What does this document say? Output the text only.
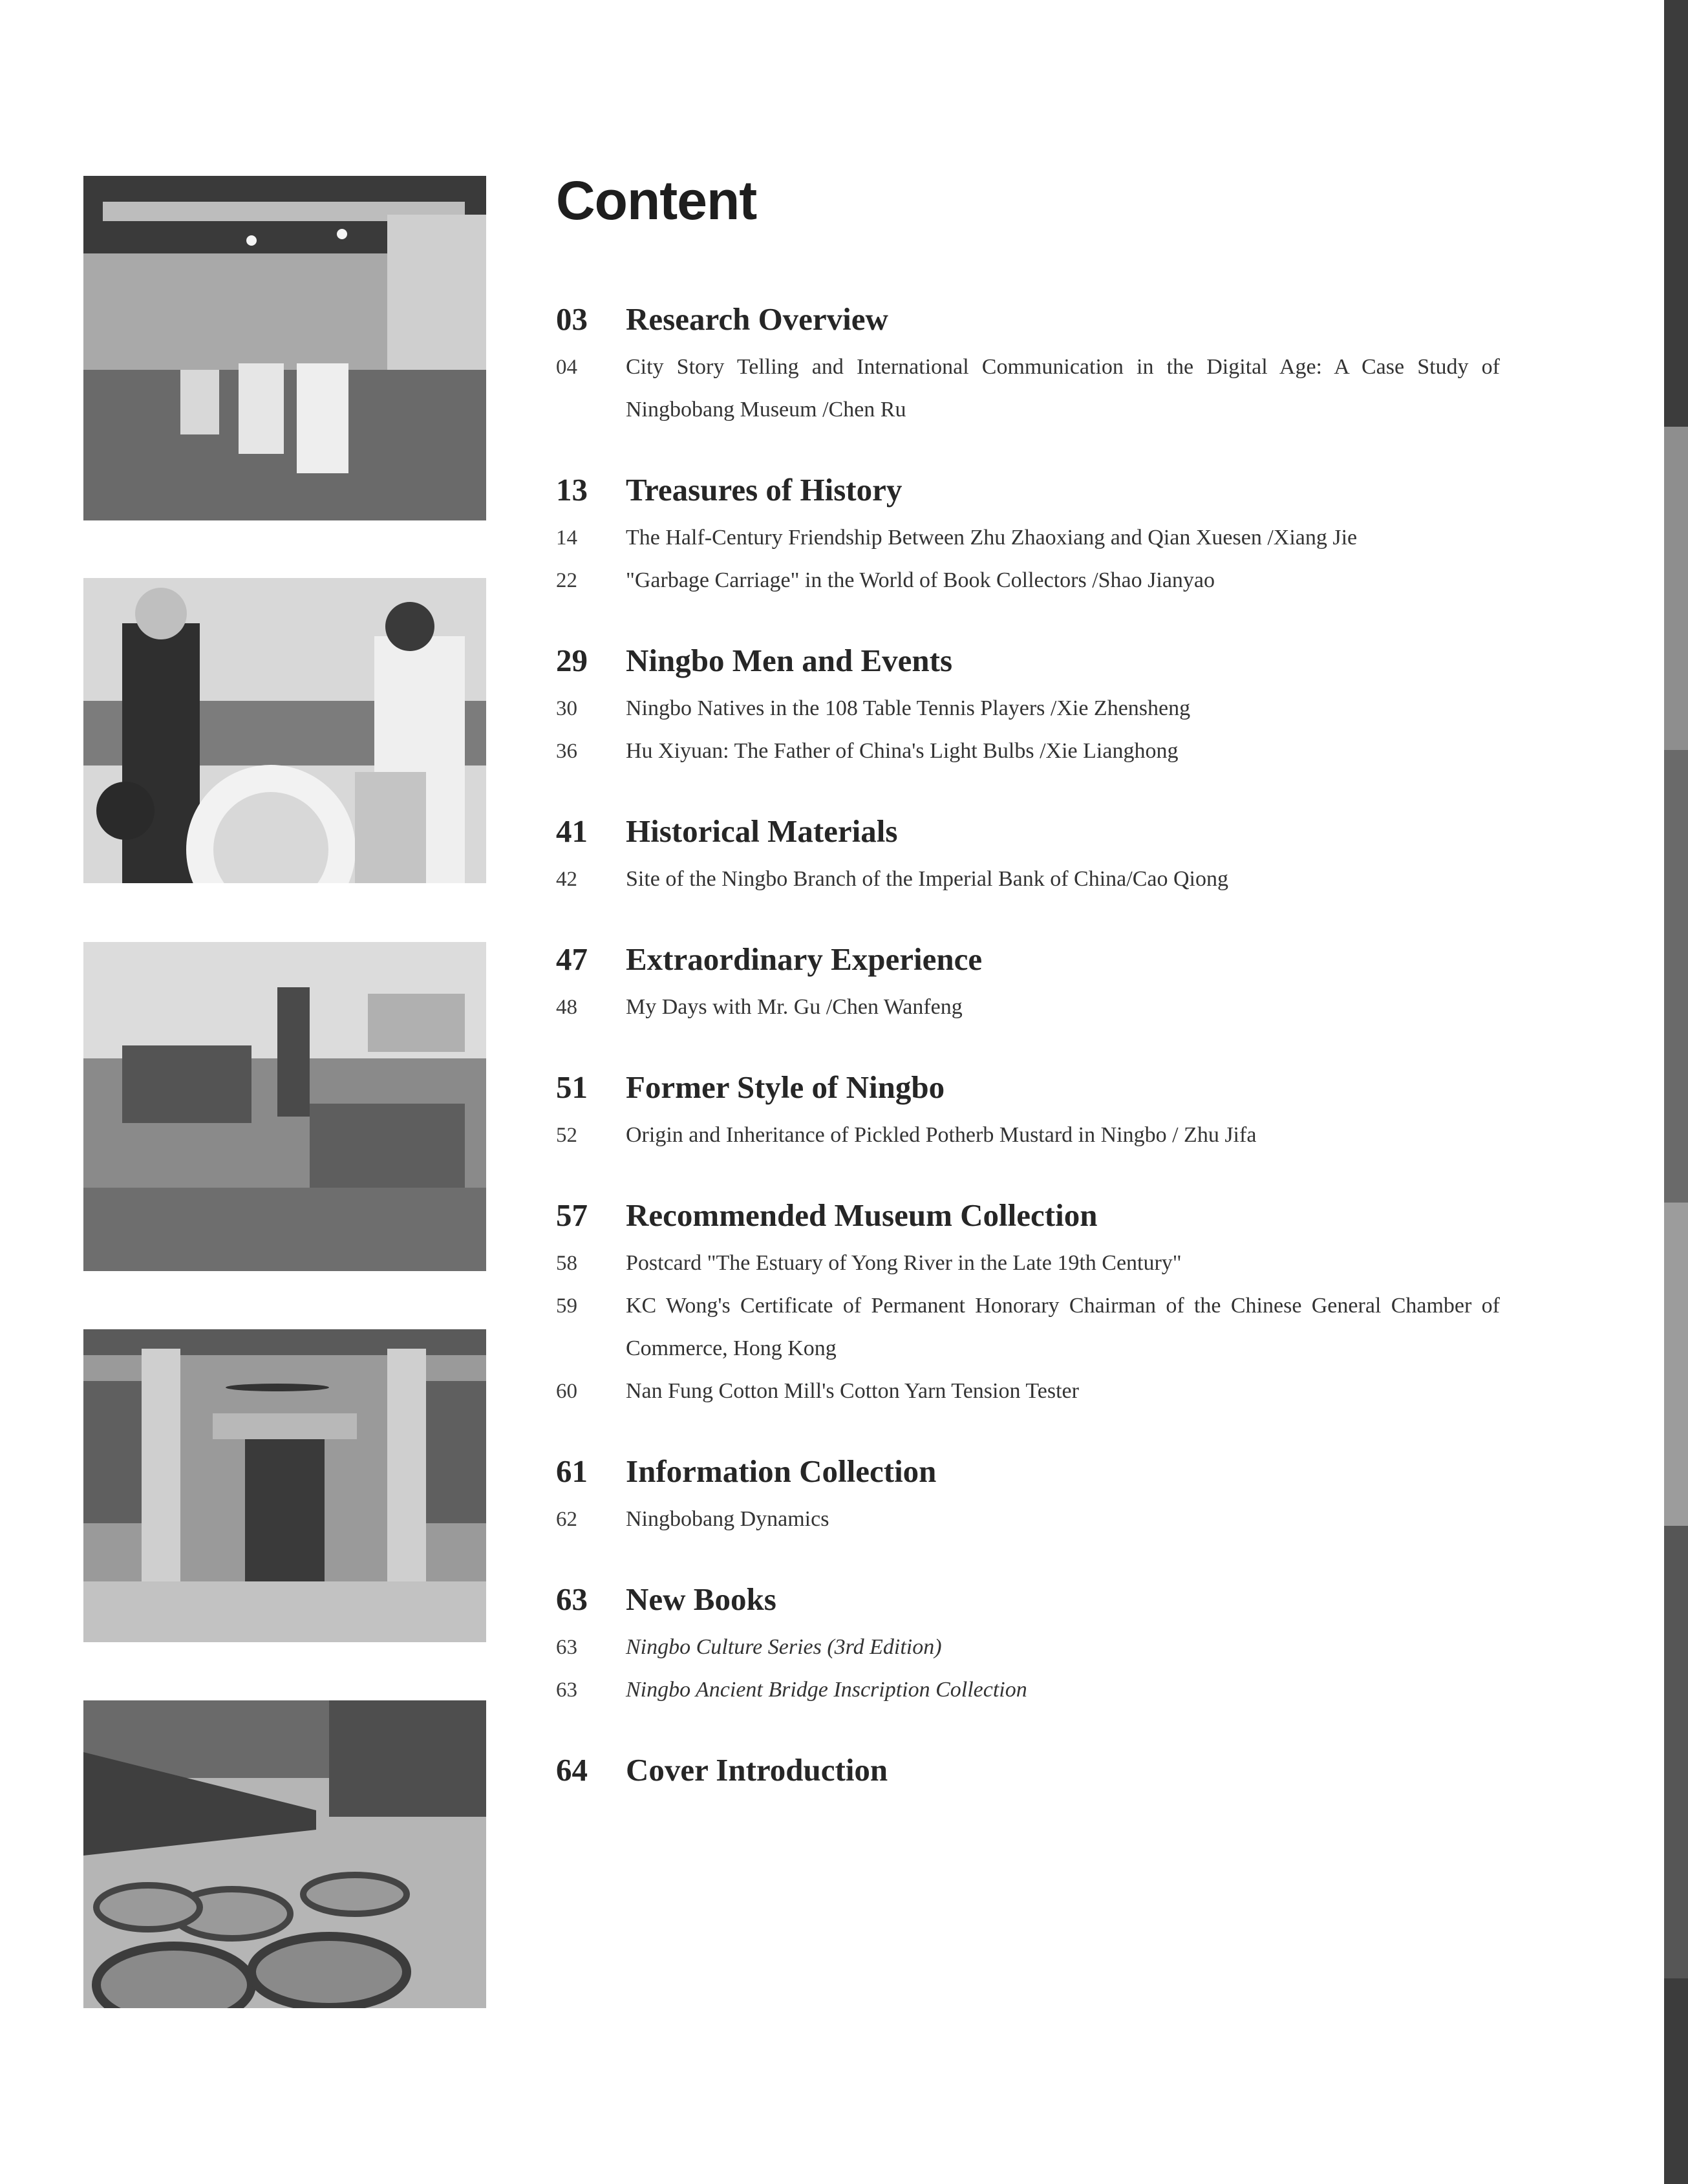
Content
03	Research Overview
04	City Story Telling and International Communication in the Digital Age: A Case Study of Ningbobang Museum /Chen Ru
13	Treasures of History
14	The Half-Century Friendship Between Zhu Zhaoxiang and Qian Xuesen /Xiang Jie
22	"Garbage Carriage" in the World of Book Collectors /Shao Jianyao
29	Ningbo Men and Events
30	Ningbo Natives in the 108 Table Tennis Players /Xie Zhensheng
36	Hu Xiyuan: The Father of China's Light Bulbs /Xie Lianghong
41	Historical Materials
42	Site of the Ningbo Branch of the Imperial Bank of China/Cao Qiong
47	Extraordinary Experience
48	My Days with Mr. Gu /Chen Wanfeng
51	Former Style of Ningbo
52	Origin and Inheritance of Pickled Potherb Mustard in Ningbo / Zhu Jifa
57	Recommended Museum Collection
58	Postcard "The Estuary of Yong River in the Late 19th Century"
59	KC Wong's Certificate of Permanent Honorary Chairman of the Chinese General Chamber of Commerce, Hong Kong
60	Nan Fung Cotton Mill's Cotton Yarn Tension Tester
61	Information Collection
62	Ningbobang Dynamics
63	New Books
63	Ningbo Culture Series (3rd Edition)
63	Ningbo Ancient Bridge Inscription Collection
64	Cover Introduction
